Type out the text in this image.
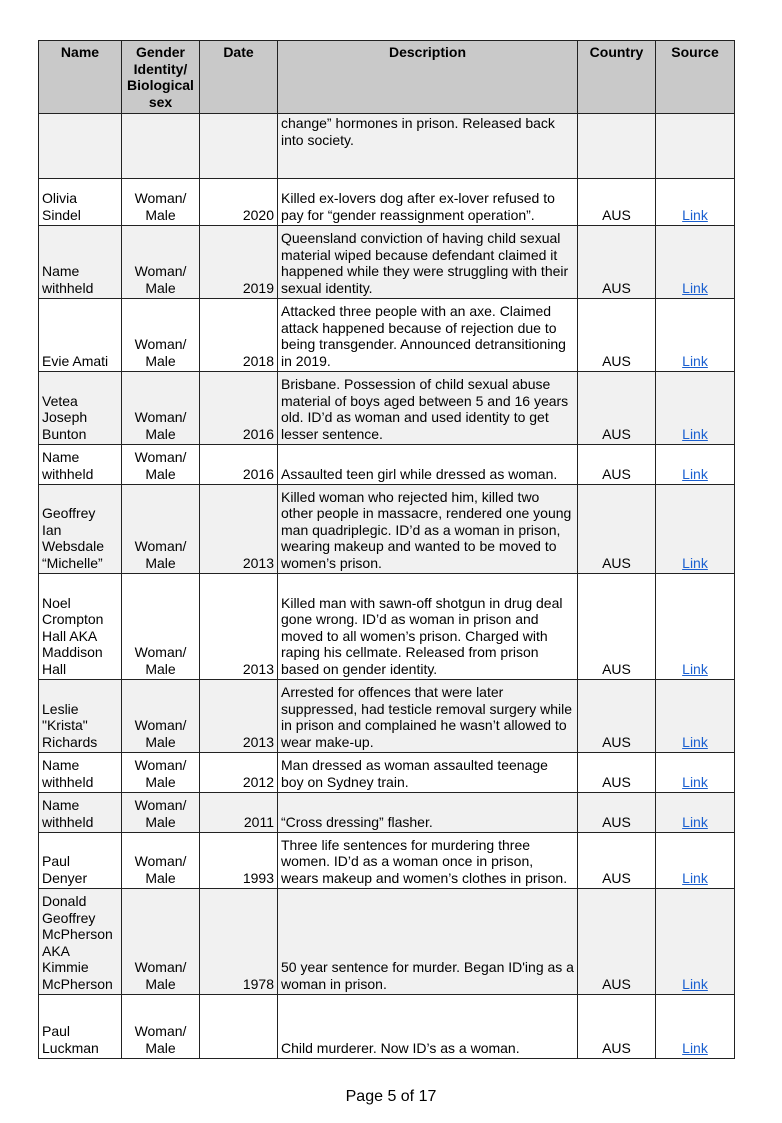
Name	Gender Identity/ Biological sex	Date	Description	Country	Source
			change” hormones in prison. Released back into society.		
Olivia Sindel	Woman/ Male	2020	Killed ex-lovers dog after ex-lover refused to pay for “gender reassignment operation”.	AUS	Link
Name withheld	Woman/ Male	2019	Queensland conviction of having child sexual material wiped because defendant claimed it happened while they were struggling with their sexual identity.	AUS	Link
Evie Amati	Woman/ Male	2018	Attacked three people with an axe. Claimed attack happened because of rejection due to being transgender. Announced detransitioning in 2019.	AUS	Link
Vetea Joseph Bunton	Woman/ Male	2016	Brisbane. Possession of child sexual abuse material of boys aged between 5 and 16 years old. ID’d as woman and used identity to get lesser sentence.	AUS	Link
Name withheld	Woman/ Male	2016	Assaulted teen girl while dressed as woman.	AUS	Link
Geoffrey Ian Websdale “Michelle”	Woman/ Male	2013	Killed woman who rejected him, killed two other people in massacre, rendered one young man quadriplegic. ID’d as a woman in prison, wearing makeup and wanted to be moved to women’s prison.	AUS	Link
Noel Crompton Hall AKA Maddison Hall	Woman/ Male	2013	Killed man with sawn-off shotgun in drug deal gone wrong. ID’d as woman in prison and moved to all women’s prison. Charged with raping his cellmate. Released from prison based on gender identity.	AUS	Link
Leslie "Krista" Richards	Woman/ Male	2013	Arrested for offences that were later suppressed, had testicle removal surgery while in prison and complained he wasn’t allowed to wear make-up.	AUS	Link
Name withheld	Woman/ Male	2012	Man dressed as woman assaulted teenage boy on Sydney train.	AUS	Link
Name withheld	Woman/ Male	2011	“Cross dressing” flasher.	AUS	Link
Paul Denyer	Woman/ Male	1993	Three life sentences for murdering three women. ID’d as a woman once in prison, wears makeup and women’s clothes in prison.	AUS	Link
Donald Geoffrey McPherson AKA Kimmie McPherson	Woman/ Male	1978	50 year sentence for murder. Began ID'ing as a woman in prison.	AUS	Link
Paul Luckman	Woman/ Male		Child murderer. Now ID’s as a woman.	AUS	Link
Page 5 of 17
